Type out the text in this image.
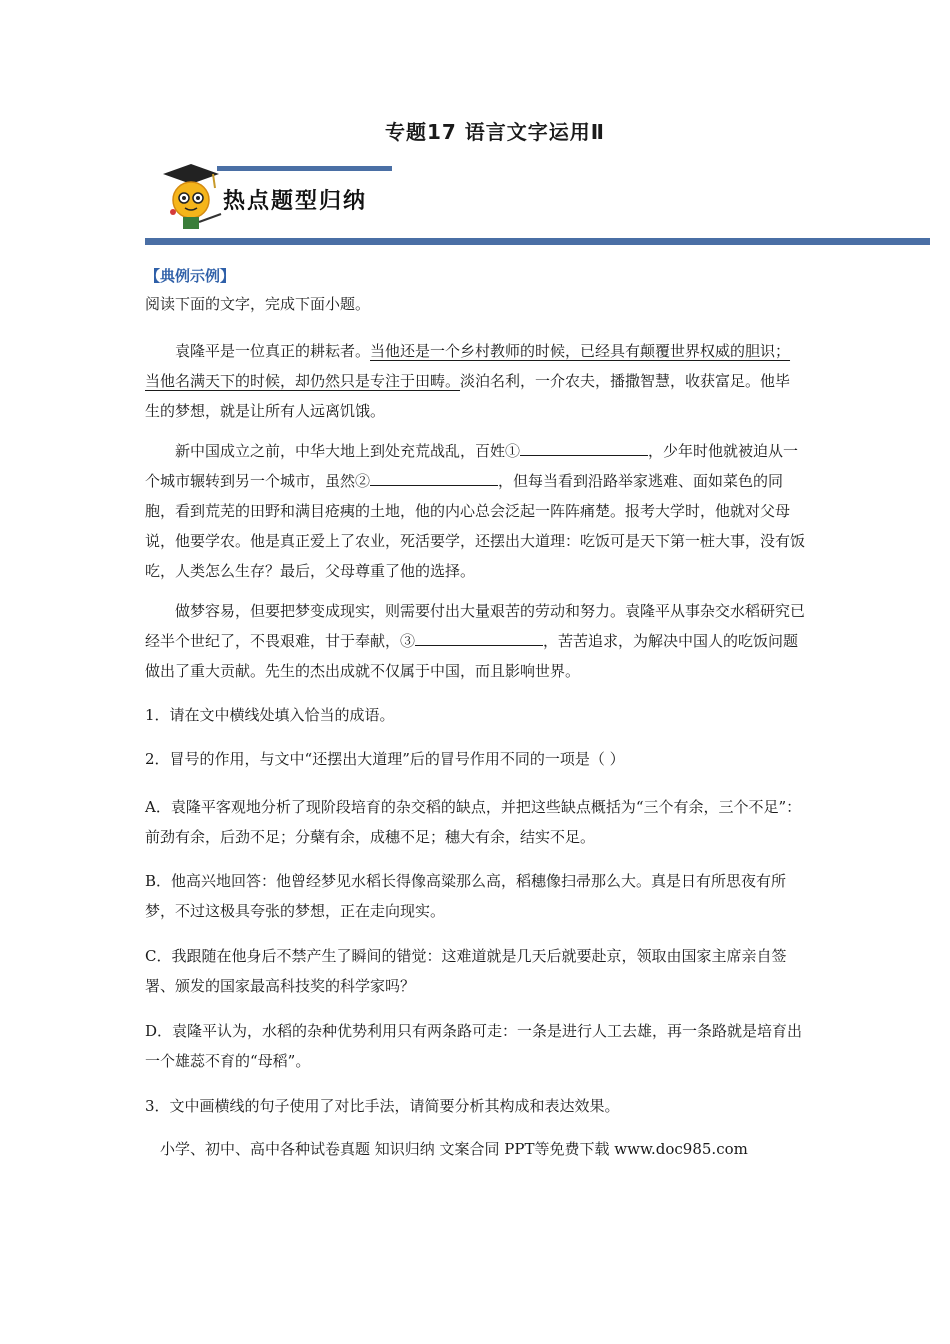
专题17 语言文字运用Ⅱ
热点题型归纳
【典例示例】
阅读下面的文字，完成下面小题。

袁隆平是一位真正的耕耘者。当他还是一个乡村教师的时候，已经具有颠覆世界权威的胆识；当他名满天下的时候，却仍然只是专注于田畴。淡泊名利，一介农夫，播撒智慧，收获富足。他毕生的梦想，就是让所有人远离饥饿。

新中国成立之前，中华大地上到处充荒战乱，百姓①	，少年时他就被迫从一个城市辗转到另一个城市，虽然②	，但每当看到沿路举家逃难、面如菜色的同胞，看到荒芜的田野和满目疮痍的土地，他的内心总会泛起一阵阵痛楚。报考大学时，他就对父母说，他要学农。他是真正爱上了农业，死活要学，还摆出大道理：吃饭可是天下第一桩大事，没有饭吃，人类怎么生存？最后，父母尊重了他的选择。

做梦容易，但要把梦变成现实，则需要付出大量艰苦的劳动和努力。袁隆平从事杂交水稻研究已经半个世纪了，不畏艰难，甘于奉献，③	，苦苦追求，为解决中国人的吃饭问题做出了重大贡献。先生的杰出成就不仅属于中国，而且影响世界。

1．请在文中横线处填入恰当的成语。

2．冒号的作用，与文中“还摆出大道理”后的冒号作用不同的一项是（ ）

A．袁隆平客观地分析了现阶段培育的杂交稻的缺点，并把这些缺点概括为“三个有余，三个不足”：前劲有余，后劲不足；分蘖有余，成穗不足；穗大有余，结实不足。

B．他高兴地回答：他曾经梦见水稻长得像高粱那么高，稻穗像扫帚那么大。真是日有所思夜有所梦，不过这极具夸张的梦想，正在走向现实。

C．我跟随在他身后不禁产生了瞬间的错觉：这难道就是几天后就要赴京，领取由国家主席亲自签署、颁发的国家最高科技奖的科学家吗？

D．袁隆平认为，水稻的杂种优势利用只有两条路可走：一条是进行人工去雄，再一条路就是培育出一个雄蕊不育的“母稻”。

3．文中画横线的句子使用了对比手法，请简要分析其构成和表达效果。

小学、初中、高中各种试卷真题 知识归纳 文案合同 PPT等免费下载 www.doc985.com
